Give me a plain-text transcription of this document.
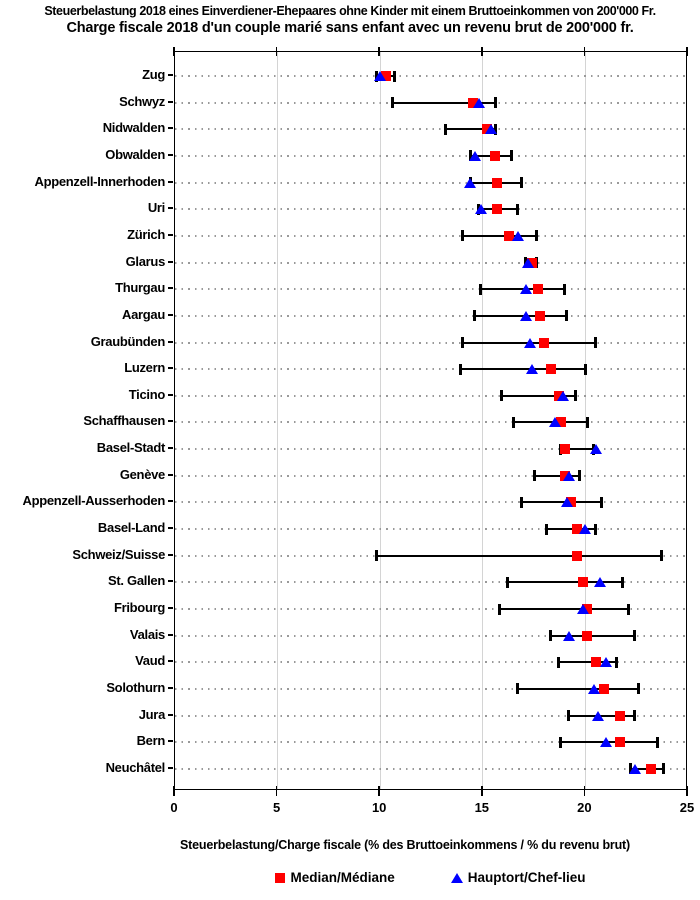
Steuerbelastung 2018 eines Einverdiener-Ehepaares ohne Kinder mit einem Bruttoeinkommen von 200'000 Fr.
Charge fiscale 2018 d'un couple marié sans enfant avec un revenu brut de 200'000 fr.
Steuerbelastung/Charge fiscale (% des Bruttoeinkommens / % du revenu brut)
Median/Médiane	Hauptort/Chef-lieu
0	5	10	15	20	25
Zug
Schwyz
Nidwalden
Obwalden
Appenzell-Innerhoden
Uri
Zürich
Glarus
Thurgau
Aargau
Graubünden
Luzern
Ticino
Schaffhausen
Basel-Stadt
Genève
Appenzell-Ausserhoden
Basel-Land
Schweiz/Suisse
St. Gallen
Fribourg
Valais
Vaud
Solothurn
Jura
Bern
Neuchâtel
